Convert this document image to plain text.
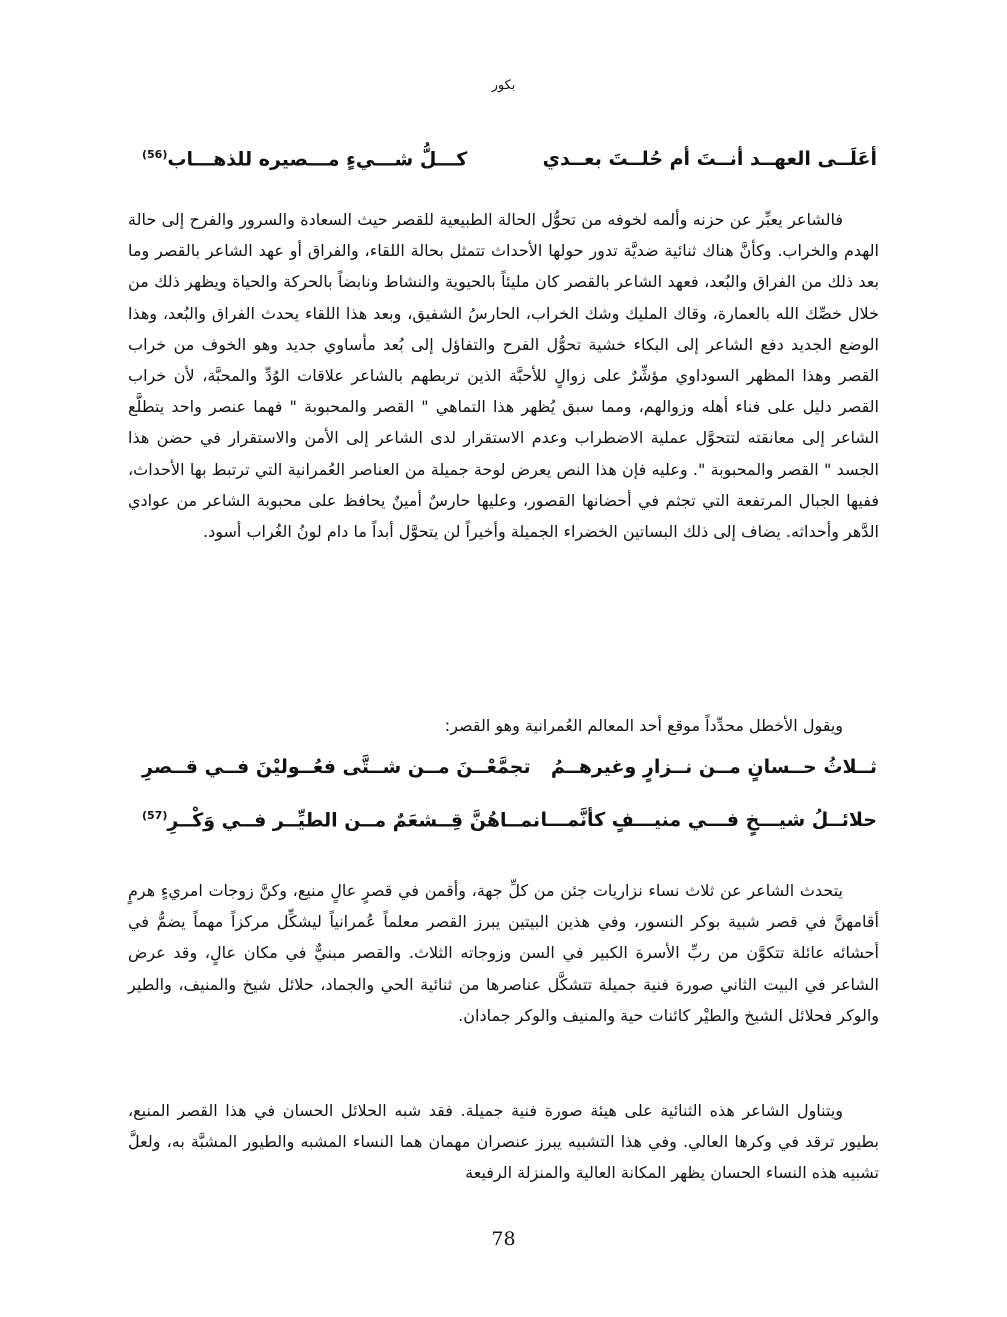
بكور
أعَلَــى العهــد أنــتَ أم حُلــتَ بعــدي
كـــلُّ شـــيءٍ مـــصيره للذهـــاب$^{(56)}$

فالشاعر يعبِّر عن حزنه وألمه لخوفه من تحوُّل الحالة الطبيعية للقصر حيث السعادة والسرور والفرح إلى حالة الهدم والخراب. وكأنَّ هناك ثنائية ضديَّة تدور حولها الأحداث تتمثل بحالة اللقاء، والفراق أو عهد الشاعر بالقصر وما بعد ذلك من الفراق والبُعد، فعهد الشاعر بالقصر كان مليئاً بالحيوية والنشاط ونابضاً بالحركة والحياة ويظهر ذلك من خلال خصِّك الله بالعمارة، وقاك المليك وشك الخراب، الحارسُ الشفيق، وبعد هذا اللقاء يحدث الفراق والبُعد، وهذا الوضع الجديد دفع الشاعر إلى البكاء خشية تحوُّل الفرح والتفاؤل إلى بُعد مأساوي جديد وهو الخوف من خراب القصر وهذا المظهر السوداوي مؤشِّرٌ على زوالٍ للأحبَّة الذين تربطهم بالشاعر علاقات الوُدِّ والمحبَّة، لأن خراب القصر دليل على فناء أهله وزوالهم، ومما سبق يُظهر هذا التماهي " القصر والمحبوبة " فهما عنصر واحد يتطلَّع الشاعر إلى معانقته لتتحوَّل عملية الاضطراب وعدم الاستقرار لدى الشاعر إلى الأمن والاستقرار في حضن هذا الجسد " القصر والمحبوبة ". وعليه فإن هذا النص يعرض لوحة جميلة من العناصر العُمرانية التي ترتبط بها الأحداث، ففيها الجبال المرتفعة التي تجثم في أحضانها القصور، وعليها حارسٌ أمينٌ يحافظ على محبوبة الشاعر من عوادي الدَّهر وأحداثه. يضاف إلى ذلك البساتين الخضراء الجميلة وأخيراً لن يتحوَّل أبداً ما دام لونُ الغُراب أسود.

ويقول الأخطل محدِّداً موقع أحد المعالم العُمرانية وهو القصر:

ثــلاثُ حــسانٍ مــن نــزارٍ وغيرهــمُ
تجمَّعْــنَ مــن شــتَّى فعُــوليْنَ فــي قــصرِ
حلائــلُ شيـــخٍ فـــي منيـــفٍ كأنَّمـــا
نمــاهُنَّ قِــشعَمٌ مــن الطيِّــر فــي وَكْــرِ$^{(57)}$

يتحدث الشاعر عن ثلاث نساء نزاريات جئن من كلِّ جهة، وأقمن في قصرٍ عالٍ منيع، وكنَّ زوجات امريءٍ هرمٍ أقامهنَّ في قصر شبية بوكر النسور، وفي هذين البيتين يبرز القصر معلماً عُمرانياً ليشكِّل مركزاً مهماً يضمُّ في أحشائه عائلة تتكوَّن من ربِّ الأسرة الكبير في السن وزوجاته الثلاث. والقصر مبنيٌّ في مكان عالٍ، وقد عرض الشاعر في البيت الثاني صورة فنية جميلة تتشكَّل عناصرها من ثنائية الحي والجماد، حلائل شيخ والمنيف، والطير والوكر فحلائل الشيخ والطيْر كائنات حية والمنيف والوكر جمادان.

ويتناول الشاعر هذه الثنائية على هيئة صورة فنية جميلة. فقد شبه الحلائل الحسان في هذا القصر المنيع، بطيور ترقد في وكرها العالي. وفي هذا التشبيه يبرز عنصران مهمان هما النساء المشبه والطيور المشبَّة به، ولعلَّ تشبيه هذه النساء الحسان يظهر المكانة العالية والمنزلة الرفيعة

78
